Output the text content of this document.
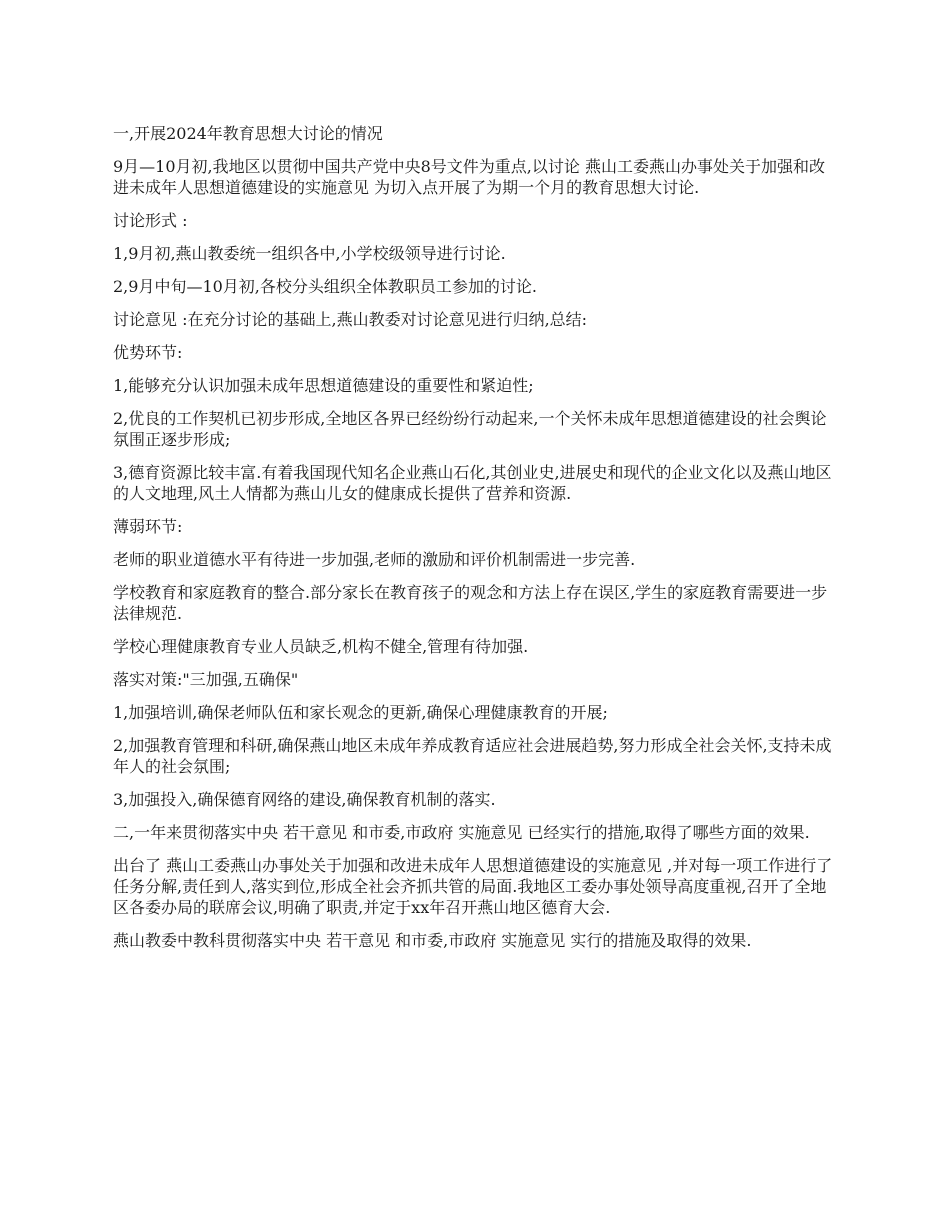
一,开展2024年教育思想大讨论的情况

9月—10月初,我地区以贯彻中国共产党中央8号文件为重点,以讨论 燕山工委燕山办事处关于加强和改进未成年人思想道德建设的实施意见 为切入点开展了为期一个月的教育思想大讨论.

讨论形式 :

1,9月初,燕山教委统一组织各中,小学校级领导进行讨论.

2,9月中旬—10月初,各校分头组织全体教职员工参加的讨论.

讨论意见 :在充分讨论的基础上,燕山教委对讨论意见进行归纳,总结:

优势环节:

1,能够充分认识加强未成年思想道德建设的重要性和紧迫性;

2,优良的工作契机已初步形成,全地区各界已经纷纷行动起来,一个关怀未成年思想道德建设的社会舆论氛围正逐步形成;

3,德育资源比较丰富.有着我国现代知名企业燕山石化,其创业史,进展史和现代的企业文化以及燕山地区的人文地理,风土人情都为燕山儿女的健康成长提供了营养和资源.

薄弱环节:

老师的职业道德水平有待进一步加强,老师的激励和评价机制需进一步完善.

学校教育和家庭教育的整合.部分家长在教育孩子的观念和方法上存在误区,学生的家庭教育需要进一步法律规范.

学校心理健康教育专业人员缺乏,机构不健全,管理有待加强.

落实对策:"三加强,五确保"

1,加强培训,确保老师队伍和家长观念的更新,确保心理健康教育的开展;

2,加强教育管理和科研,确保燕山地区未成年养成教育适应社会进展趋势,努力形成全社会关怀,支持未成年人的社会氛围;

3,加强投入,确保德育网络的建设,确保教育机制的落实.

二,一年来贯彻落实中央 若干意见 和市委,市政府 实施意见 已经实行的措施,取得了哪些方面的效果.

出台了 燕山工委燕山办事处关于加强和改进未成年人思想道德建设的实施意见 ,并对每一项工作进行了任务分解,责任到人,落实到位,形成全社会齐抓共管的局面.我地区工委办事处领导高度重视,召开了全地区各委办局的联席会议,明确了职责,并定于xx年召开燕山地区德育大会.

燕山教委中教科贯彻落实中央 若干意见 和市委,市政府 实施意见 实行的措施及取得的效果.
